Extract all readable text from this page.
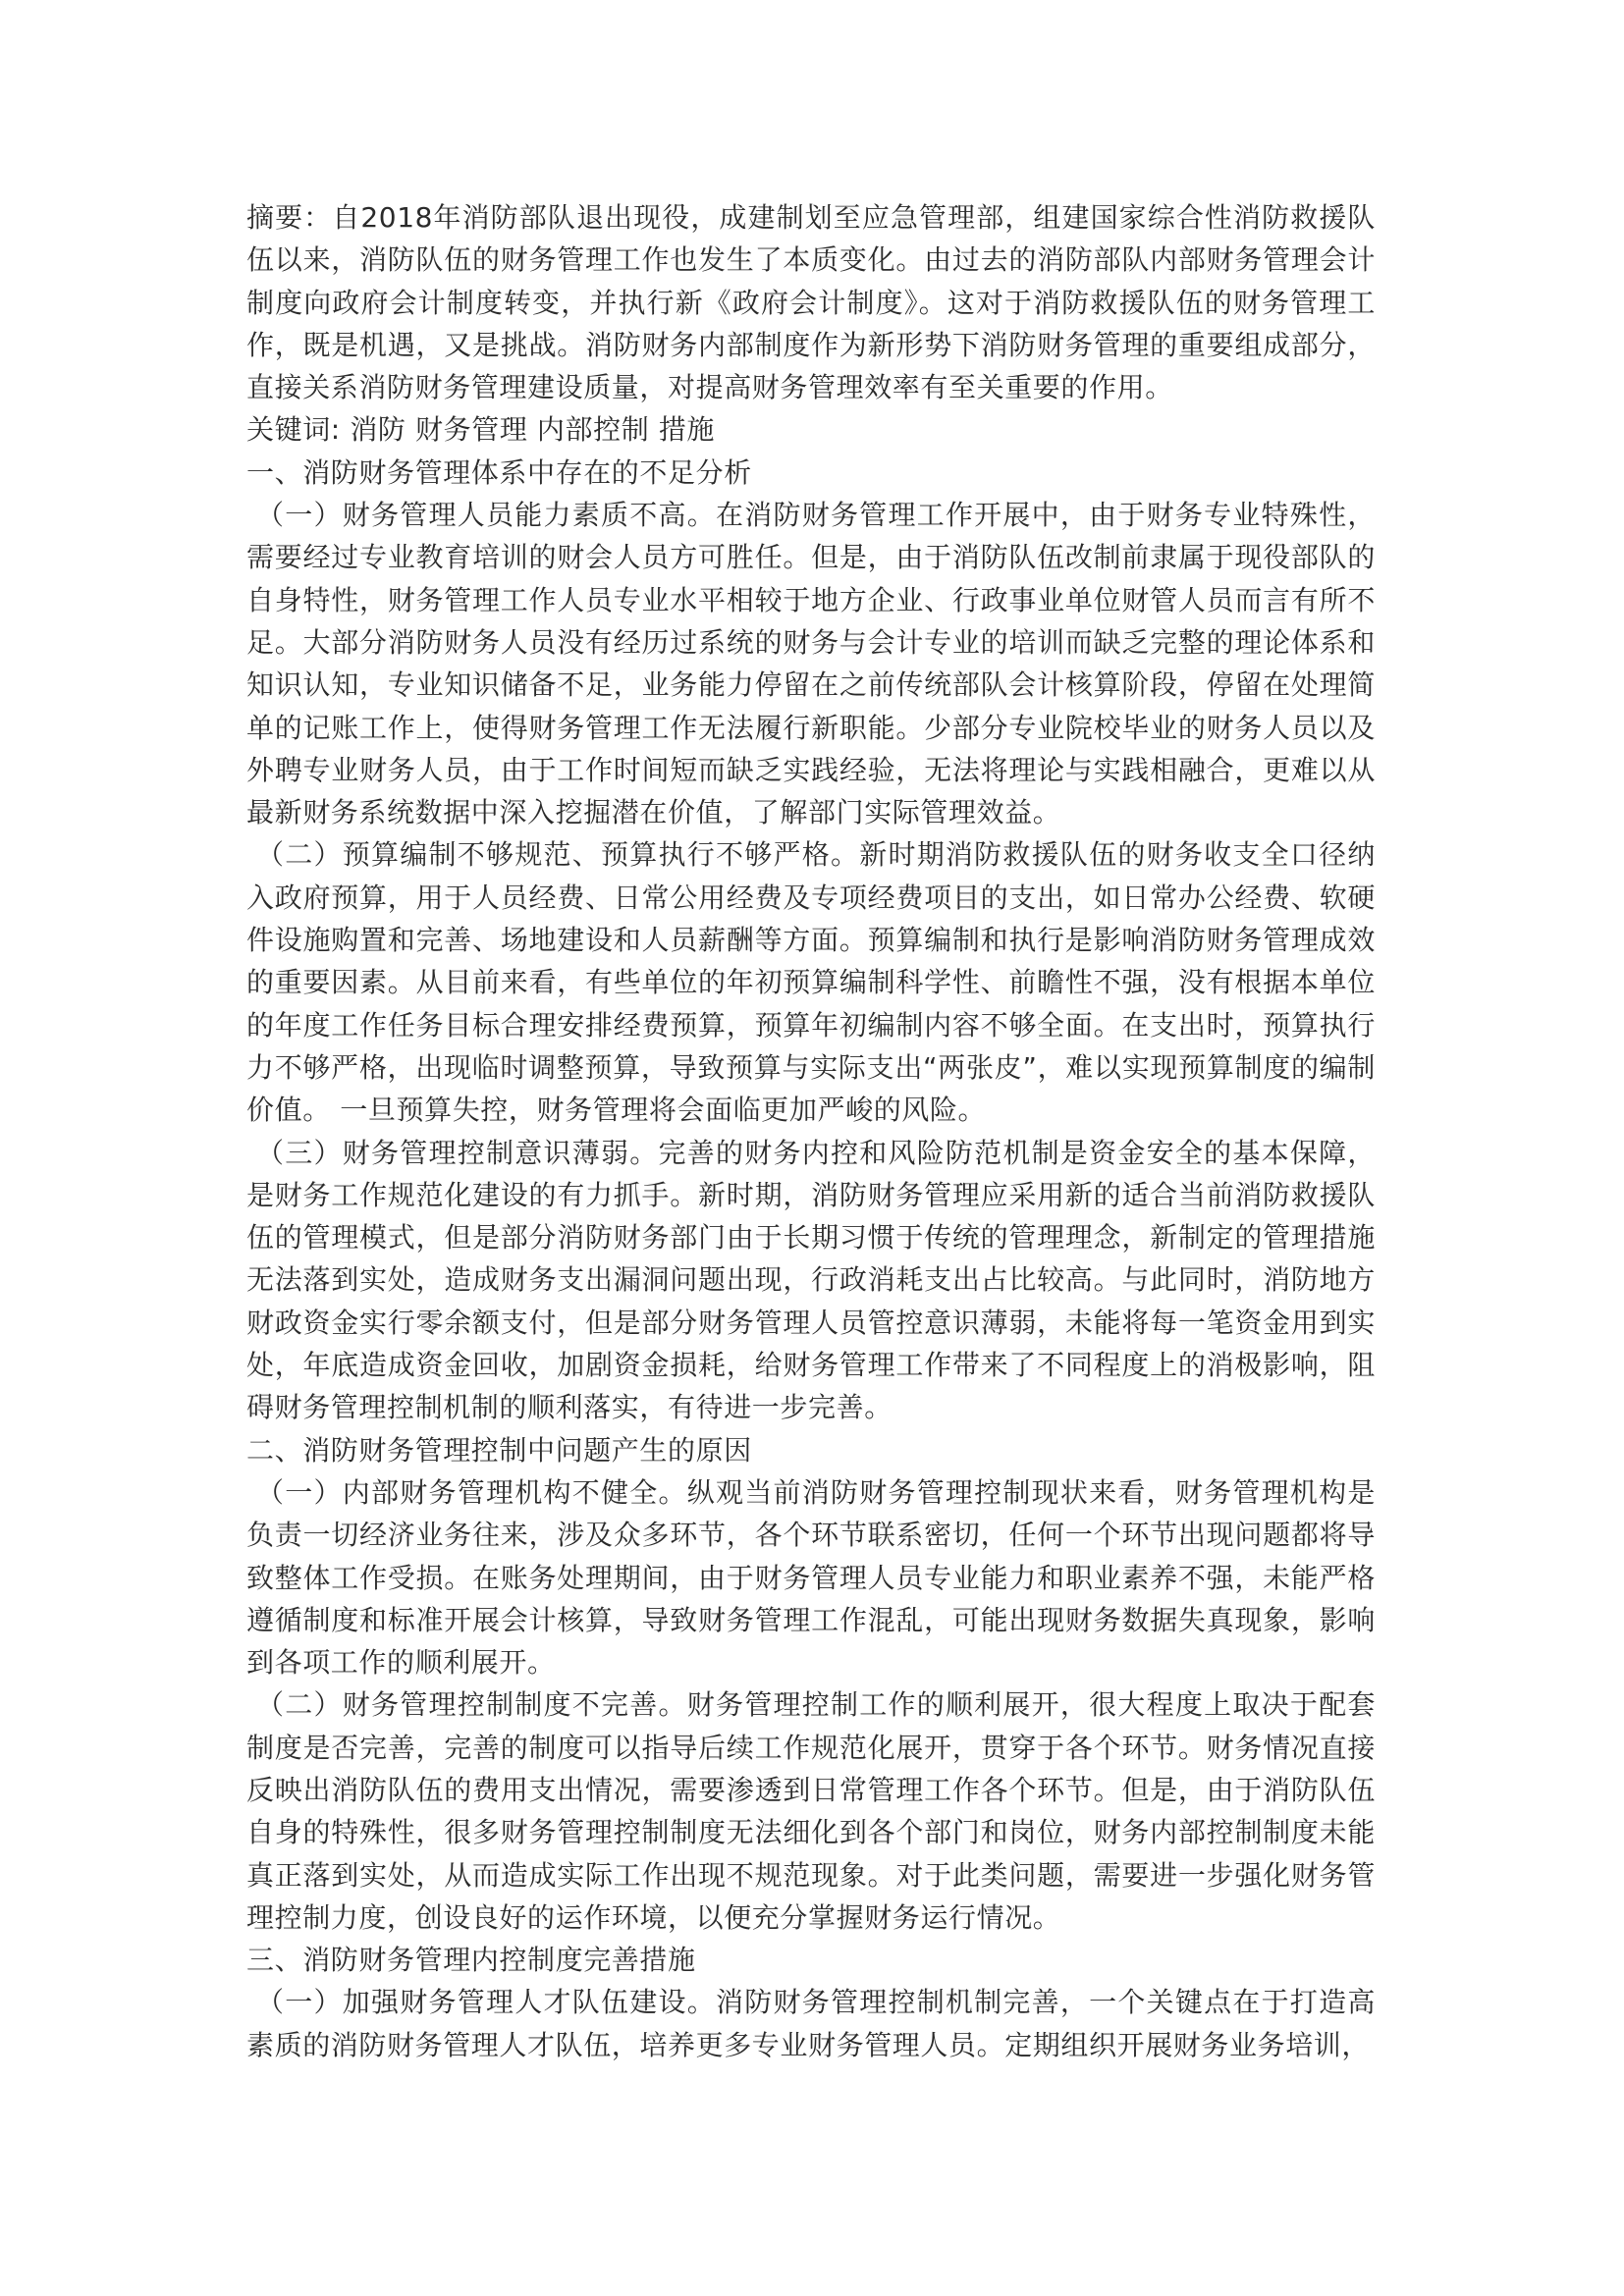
摘要：自2018年消防部队退出现役，成建制划至应急管理部，组建国家综合性消防救援队伍以来，消防队伍的财务管理工作也发生了本质变化。由过去的消防部队内部财务管理会计制度向政府会计制度转变，并执行新《政府会计制度》。这对于消防救援队伍的财务管理工作，既是机遇，又是挑战。消防财务内部制度作为新形势下消防财务管理的重要组成部分，直接关系消防财务管理建设质量，对提高财务管理效率有至关重要的作用。

关键词: 消防 财务管理 内部控制 措施

一、消防财务管理体系中存在的不足分析

（一）财务管理人员能力素质不高。在消防财务管理工作开展中，由于财务专业特殊性，需要经过专业教育培训的财会人员方可胜任。但是，由于消防队伍改制前隶属于现役部队的自身特性，财务管理工作人员专业水平相较于地方企业、行政事业单位财管人员而言有所不足。大部分消防财务人员没有经历过系统的财务与会计专业的培训而缺乏完整的理论体系和知识认知，专业知识储备不足，业务能力停留在之前传统部队会计核算阶段，停留在处理简单的记账工作上，使得财务管理工作无法履行新职能。少部分专业院校毕业的财务人员以及外聘专业财务人员，由于工作时间短而缺乏实践经验，无法将理论与实践相融合，更难以从最新财务系统数据中深入挖掘潜在价值，了解部门实际管理效益。

（二）预算编制不够规范、预算执行不够严格。新时期消防救援队伍的财务收支全口径纳入政府预算，用于人员经费、日常公用经费及专项经费项目的支出，如日常办公经费、软硬件设施购置和完善、场地建设和人员薪酬等方面。预算编制和执行是影响消防财务管理成效的重要因素。从目前来看，有些单位的年初预算编制科学性、前瞻性不强，没有根据本单位的年度工作任务目标合理安排经费预算，预算年初编制内容不够全面。在支出时，预算执行力不够严格，出现临时调整预算，导致预算与实际支出“两张皮”，难以实现预算制度的编制价值。 一旦预算失控，财务管理将会面临更加严峻的风险。

（三）财务管理控制意识薄弱。完善的财务内控和风险防范机制是资金安全的基本保障，是财务工作规范化建设的有力抓手。新时期，消防财务管理应采用新的适合当前消防救援队伍的管理模式，但是部分消防财务部门由于长期习惯于传统的管理理念，新制定的管理措施无法落到实处，造成财务支出漏洞问题出现，行政消耗支出占比较高。与此同时，消防地方财政资金实行零余额支付，但是部分财务管理人员管控意识薄弱，未能将每一笔资金用到实处，年底造成资金回收，加剧资金损耗，给财务管理工作带来了不同程度上的消极影响，阻碍财务管理控制机制的顺利落实，有待进一步完善。

二、消防财务管理控制中问题产生的原因

（一）内部财务管理机构不健全。纵观当前消防财务管理控制现状来看，财务管理机构是负责一切经济业务往来，涉及众多环节，各个环节联系密切，任何一个环节出现问题都将导致整体工作受损。在账务处理期间，由于财务管理人员专业能力和职业素养不强，未能严格遵循制度和标准开展会计核算，导致财务管理工作混乱，可能出现财务数据失真现象，影响到各项工作的顺利展开。

（二）财务管理控制制度不完善。财务管理控制工作的顺利展开，很大程度上取决于配套制度是否完善，完善的制度可以指导后续工作规范化展开，贯穿于各个环节。财务情况直接反映出消防队伍的费用支出情况，需要渗透到日常管理工作各个环节。但是，由于消防队伍自身的特殊性，很多财务管理控制制度无法细化到各个部门和岗位，财务内部控制制度未能真正落到实处，从而造成实际工作出现不规范现象。对于此类问题，需要进一步强化财务管理控制力度，创设良好的运作环境，以便充分掌握财务运行情况。

三、消防财务管理内控制度完善措施

（一）加强财务管理人才队伍建设。消防财务管理控制机制完善，一个关键点在于打造高素质的消防财务管理人才队伍，培养更多专业财务管理人员。定期组织开展财务业务培训，
